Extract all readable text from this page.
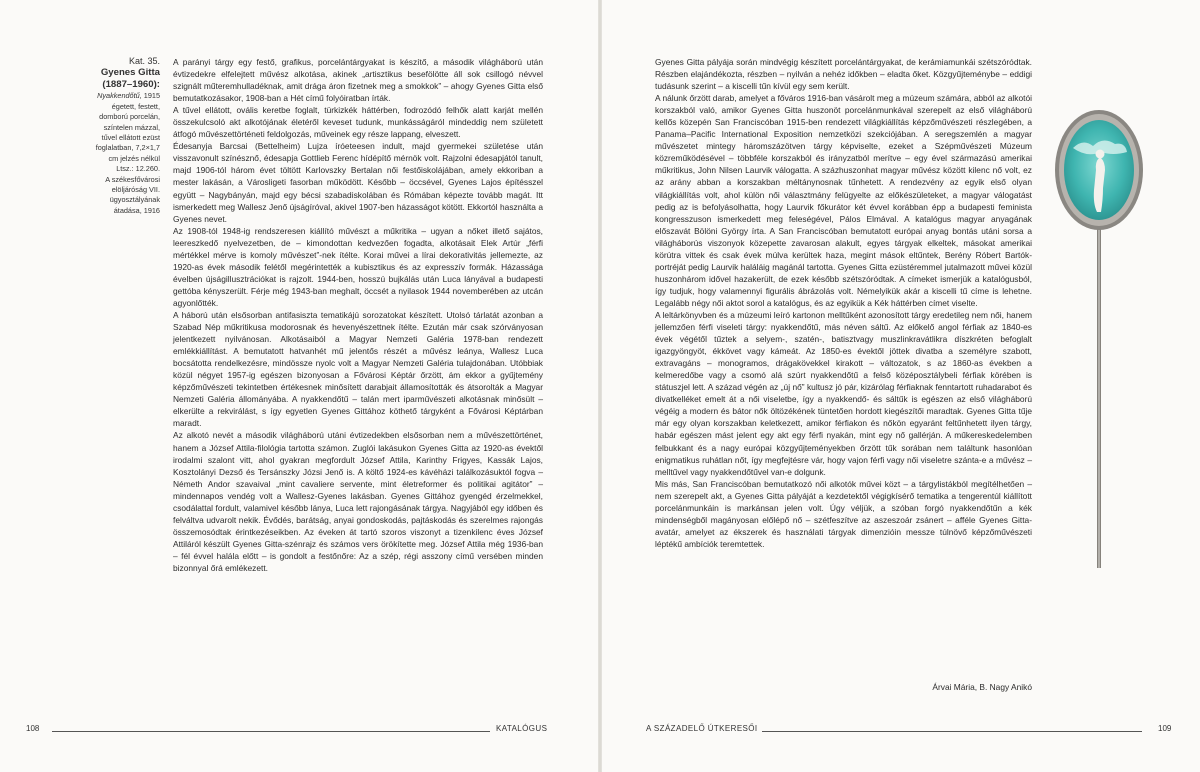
Kat. 35.
Gyenes Gitta
(1887–1960):
Nyakkendőtű, 1915 égetett, festett, domború porcelán, színtelen mázzal, tűvel ellátott ezüst foglalatban, 7,2×1,7 cm jelzés nélkül
Ltsz.: 12.260.
A székesfővárosi elöljáróság VII. ügyosztályának átadása, 1916

A parányi tárgy egy festő, grafikus, porcelántárgyakat is készítő, a második világháború után évtizedekre elfelejtett művész alkotása, akinek „artisztikus besefölötte áll sok csillogó névvel szignált műteremhulladéknak, amit drága áron fizetnek meg a smokkok” – ahogy Gyenes Gitta első bemutatkozásakor, 1908-ban a Hét című folyóiratban írták.

A tűvel ellátott, ovális keretbe foglalt, türkizkék háttérben, fodrozódó felhők alatt karját mellén összekulcsoló akt alkotójának életéről keveset tudunk, munkásságáról mindeddig nem született átfogó művészettörténeti feldolgozás, műveinek egy része lappang, elveszett.

Édesanyja Barcsai (Bettelheim) Lujza íróeteesen indult, majd gyermekei születése után visszavonult színésznő, édesapja Gottlieb Ferenc hídépítő mérnök volt. Rajzolni édesapjától tanult, majd 1906-tól három évet töltött Karlovszky Bertalan női festőiskolájában, amely ekkoriban a mester lakásán, a Városligeti fasorban működött. Később – öccsével, Gyenes Lajos építésszel együtt – Nagybányán, majd egy bécsi szabadiskolában és Rómában képezte tovább magát. Itt ismerkedett meg Wallesz Jenő újságíróval, akivel 1907-ben házasságot kötött. Ekkortól használta a Gyenes nevet.

Az 1908-tól 1948-ig rendszeresen kiállító művészt a műkritika – ugyan a nőket illető sajátos, leereszkedő nyelvezetben, de – kimondottan kedvezően fogadta, alkotásait Elek Artúr „férfi mértékkel mérve is komoly művészet”-nek ítélte. Korai művei a lírai dekorativitás jellemezte, az 1920-as évek második felétől megérintették a kubisztikus és az expresszív formák. Házassága évelben újságillusztrációkat is rajzolt. 1944-ben, hosszú bujkálás után Luca lányával a budapesti gettóba kényszerült. Férje még 1943-ban meghalt, öccsét a nyilasok 1944 novemberében az utcán agyonlőtték.

A háború után elsősorban antifasiszta tematikájú sorozatokat készített. Utolsó tárlatát azonban a Szabad Nép műkritikusa modorosnak és hevenyészettnek ítélte. Ezután már csak szórványosan jelentkezett nyilvánosan. Alkotásaiból a Magyar Nemzeti Galéria 1978-ban rendezett emlékkiállítást. A bemutatott hatvanhét mű jelentős részét a művész leánya, Wallesz Luca bocsátotta rendelkezésre, mindössze nyolc volt a Magyar Nemzeti Galéria tulajdonában. Utóbbiak közül négyet 1957-ig egészen bizonyosan a Fővárosi Képtár őrzött, ám ekkor a gyűjtemény képzőművészeti tekintetben értékesnek minősített darabjait államosították és átsorolták a Magyar Nemzeti Galéria állományába. A nyakkendőtű – talán mert iparművészeti alkotásnak minősült – elkerülte a rekvirálást, s így egyetlen Gyenes Gittához köthető tárgyként a Fővárosi Képtárban maradt.

Az alkotó nevét a második világháború utáni évtizedekben elsősorban nem a művészettörténet, hanem a József Attila-filológia tartotta számon. Zuglói lakásukon Gyenes Gitta az 1920-as évektől irodalmi szalont vitt, ahol gyakran megfordult József Attila, Karinthy Frigyes, Kassák Lajos, Kosztolányi Dezső és Tersánszky Józsi Jenő is. A költő 1924-es kávéházi találkozásuktól fogva – Németh Andor szavaival „mint cavaliere servente, mint életreformer és politikai agitátor” – mindennapos vendég volt a Wallesz-Gyenes lakásban. Gyenes Gittához gyengéd érzelmekkel, csodálattal fordult, valamivel később lánya, Luca lett rajongásának tárgya. Nagyjából egy időben és felváltva udvarolt nekik. Évődés, barátság, anyai gondoskodás, pajtáskodás és szerelmes rajongás összemosódtak érintkezéseikben. Az éveken át tartó szoros viszonyt a tizenkilenc éves József Attiláról készült Gyenes Gitta-szénrajz és számos vers örökítette meg. József Attila még 1936-ban – fél évvel halála előtt – is gondolt a festőnőre: Az a szép, régi asszony című versében minden bizonnyal őrá emlékezett.

Gyenes Gitta pályája során mindvégig készített porcelántárgyakat, de kerámiamunkái szétszóródtak. Részben elajándékozta, részben – nyilván a nehéz időkben – eladta őket. Közgyűjteménybe – eddigi tudásunk szerint – a kiscelli tűn kívül egy sem került.

A nálunk őrzött darab, amelyet a főváros 1916-ban vásárolt meg a múzeum számára, abból az alkotói korszakból való, amikor Gyenes Gitta huszonöt porcelánmunkával szerepelt az első világháború kellős közepén San Franciscóban 1915-ben rendezett világkiállítás képzőművészeti részlegében, a Panama–Pacific International Exposition nemzetközi szekciójában. A seregszemlén a magyar művészetet mintegy háromszázötven tárgy képviselte, ezeket a Szépművészeti Múzeum közreműködésével – többféle korszakból és irányzatból merítve – egy ével származású amerikai műkritikus, John Nilsen Laurvik válogatta. A százhuszonhat magyar művész között kilenc nő volt, ez az arány abban a korszakban méltánynosnak tűnhetett. A rendezvény az egyik első olyan világkiállítás volt, ahol külön női választmány felügyelte az előkészületeket, a magyar válogatást pedig az is befolyásolhatta, hogy Laurvik főkurátor két évvel korábban épp a budapesti feminista kongresszuson ismerkedett meg feleségével, Pálos Elmával. A katalógus magyar anyagának előszavát Bölöni György írta. A San Franciscóban bemutatott európai anyag bontás utáni sorsa a világháborús viszonyok közepette zavarosan alakult, egyes tárgyak elkeltek, másokat amerikai körútra vittek és csak évek múlva kerültek haza, megint mások eltűntek, Berény Róbert Bartók-portréját pedig Laurvik haláláig magánál tartotta. Gyenes Gitta ezüstéremmel jutalmazott művei közül huszonhárom idővel hazakerült, de ezek később szétszóródtak. A címeket ismerjük a katalógusból, így tudjuk, hogy valamennyi figurális ábrázolás volt. Némelyikük akár a kiscelli tű címe is lehetne. Legalább négy női aktot sorol a katalógus, és az egyikük a Kék háttérben címet viselte.

A leltárkönyvben és a múzeumi leíró kartonon melltűként azonosított tárgy eredetileg nem női, hanem jellemzően férfi viseleti tárgy: nyakkendőtű, más néven sáltű. Az előkelő angol férfiak az 1840-es évek végétől tűztek a selyem-, szatén-, batisztvagy muszlinkravátlikra díszkréten befoglalt igazgyöngyöt, ékkövet vagy kámeát. Az 1850-es évektől jöttek divatba a személyre szabott, extravagáns – monogramos, drágakövekkel kirakott – változatok, s az 1860-as években a kelmeredőbe vagy a csomó alá szúrt nyakkendőtű a felső középosztálybeli férfiak körében is státuszjel lett. A század végén az „új nő” kultusz jó pár, kizárólag férfiaknak fenntartott ruhadarabot és divatkelléket emelt át a női viseletbe, így a nyakkendő- és sáltűk is egészen az első világháború végéig a modern és bátor nők öltözékének tüntetően hordott kiegészítői maradtak. Gyenes Gitta tűje már egy olyan korszakban keletkezett, amikor férfiakon és nőkön egyaránt feltűnhetett ilyen tárgy, habár egészen mást jelent egy akt egy férfi nyakán, mint egy nő gallérján. A műkereskedelemben felbukkant és a nagy európai közgyűjteményekben őrzött tűk sorában nem találtunk hasonlóan enigmatikus ruhátlan nőt, így megfejtésre vár, hogy vajon férfi vagy női viseletre szánta-e a művész – melltűvel vagy nyakkendőtűvel van-e dolgunk.

Mis más, San Franciscóban bemutatkozó női alkotók művei közt – a tárgylistákból megítélhetően – nem szerepelt akt, a Gyenes Gitta pályáját a kezdetektől végigkísérő tematika a tengerentúl kiállított porcelánmunkáin is markánsan jelen volt. Úgy véljük, a szóban forgó nyakkendőtűn a kék mindenségből magányosan előlépő nő – szétfeszítve az aszeszoár zsánert – afféle Gyenes Gitta-avatár, amelyet az ékszerek és használati tárgyak dimenzióin messze túlnövő képzőművészeti léptékű ambíciók teremtettek.

Árvai Mária, B. Nagy Anikó
108	KATALÓGUS	A SZÁZADELŐ ÚTKERESŐI	109
